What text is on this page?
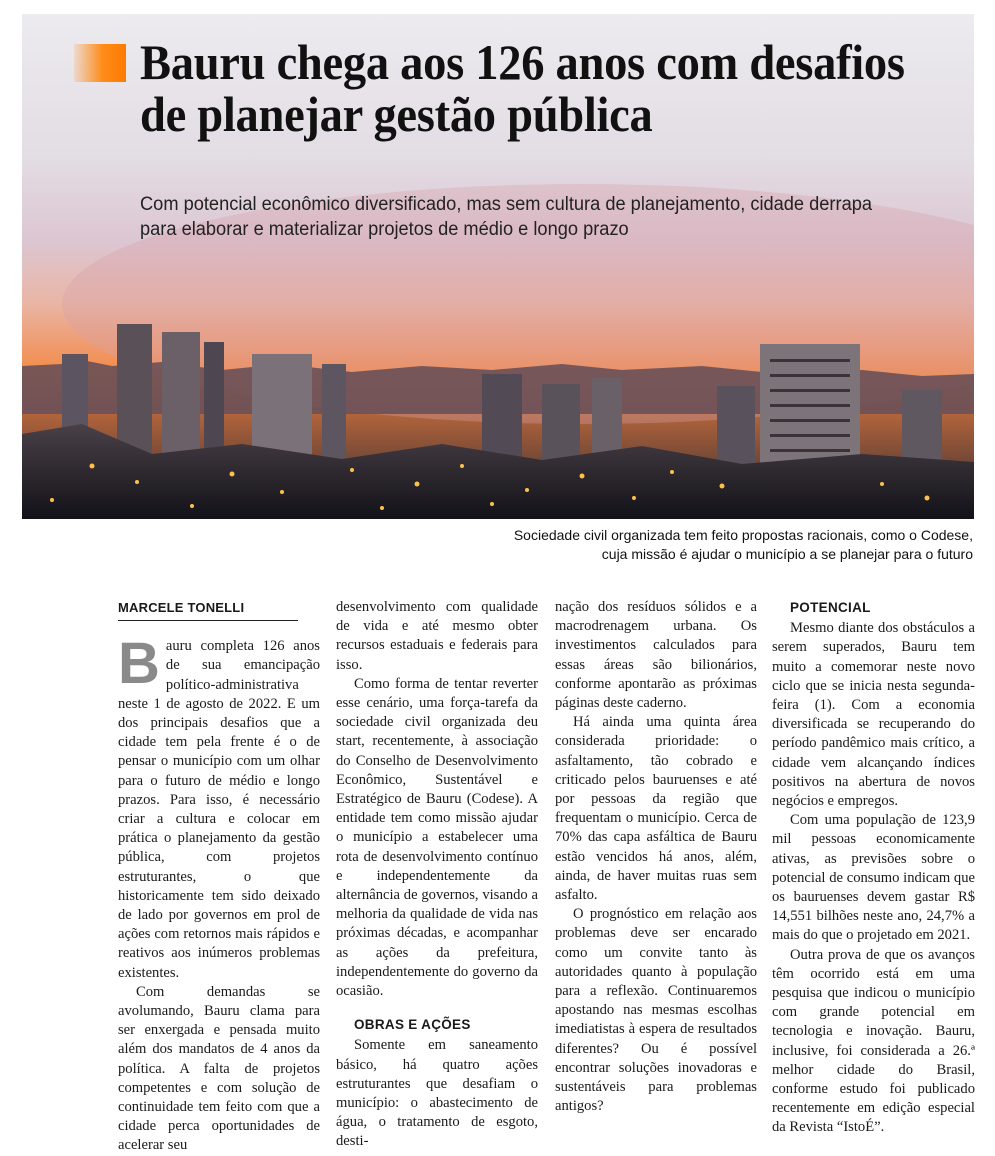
Bauru chega aos 126 anos com desafios de planejar gestão pública

Com potencial econômico diversificado, mas sem cultura de planejamento, cidade derrapa para elaborar e materializar projetos de médio e longo prazo

Sociedade civil organizada tem feito propostas racionais, como o Codese,
cuja missão é ajudar o município a se planejar para o futuro
MARCELE TONELLI

Bauru completa 126 anos de sua emancipação político-administrativa neste 1 de agosto de 2022. E um dos principais desafios que a cidade tem pela frente é o de pensar o município com um olhar para o futuro de médio e longo prazos. Para isso, é necessário criar a cultura e colocar em prática o planejamento da gestão pública, com projetos estruturantes, o que historicamente tem sido deixado de lado por governos em prol de ações com retornos mais rápidos e reativos aos inúmeros problemas existentes.

Com demandas se avolumando, Bauru clama para ser enxergada e pensada muito além dos mandatos de 4 anos da política. A falta de projetos competentes e com solução de continuidade tem feito com que a cidade perca oportunidades de acelerar seu

desenvolvimento com qualidade de vida e até mesmo obter recursos estaduais e federais para isso.

Como forma de tentar reverter esse cenário, uma força-tarefa da sociedade civil organizada deu start, recentemente, à associação do Conselho de Desenvolvimento Econômico, Sustentável e Estratégico de Bauru (Codese). A entidade tem como missão ajudar o município a estabelecer uma rota de desenvolvimento contínuo e independentemente da alternância de governos, visando a melhoria da qualidade de vida nas próximas décadas, e acompanhar as ações da prefeitura, independentemente do governo da ocasião.

OBRAS E AÇÕES

Somente em saneamento básico, há quatro ações estruturantes que desafiam o município: o abastecimento de água, o tratamento de esgoto, desti-

nação dos resíduos sólidos e a macrodrenagem urbana. Os investimentos calculados para essas áreas são bilionários, conforme apontarão as próximas páginas deste caderno.

Há ainda uma quinta área considerada prioridade: o asfaltamento, tão cobrado e criticado pelos bauruenses e até por pessoas da região que frequentam o município. Cerca de 70% das capa asfáltica de Bauru estão vencidos há anos, além, ainda, de haver muitas ruas sem asfalto.

O prognóstico em relação aos problemas deve ser encarado como um convite tanto às autoridades quanto à população para a reflexão. Continuaremos apostando nas mesmas escolhas imediatistas à espera de resultados diferentes? Ou é possível encontrar soluções inovadoras e sustentáveis para problemas antigos?

POTENCIAL

Mesmo diante dos obstáculos a serem superados, Bauru tem muito a comemorar neste novo ciclo que se inicia nesta segunda-feira (1). Com a economia diversificada se recuperando do período pandêmico mais crítico, a cidade vem alcançando índices positivos na abertura de novos negócios e empregos.

Com uma população de 123,9 mil pessoas economicamente ativas, as previsões sobre o potencial de consumo indicam que os bauruenses devem gastar R$ 14,551 bilhões neste ano, 24,7% a mais do que o projetado em 2021.

Outra prova de que os avanços têm ocorrido está em uma pesquisa que indicou o município com grande potencial em tecnologia e inovação. Bauru, inclusive, foi considerada a 26.ª melhor cidade do Brasil, conforme estudo foi publicado recentemente em edição especial da Revista “IstoÉ”.
